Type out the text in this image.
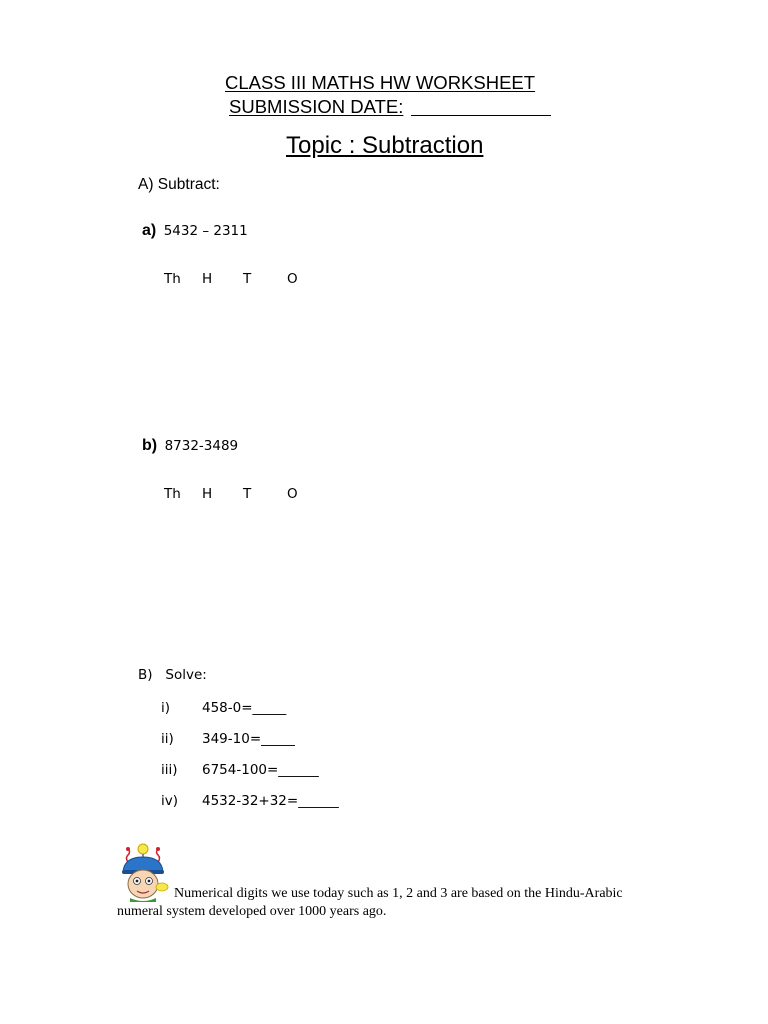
CLASS III MATHS HW WORKSHEET
SUBMISSION DATE:
Topic : Subtraction
A) Subtract:
a) 5432 – 2311
Th H T	O
b) 8732-3489
Th H T	O
B)   Solve:
i) 458-0=_____
ii) 349-10=_____
iii) 6754-100=______
iv) 4532-32+32=______
Numerical digits we use today such as 1, 2 and 3 are based on the Hindu-Arabic
numeral system developed over 1000 years ago.
